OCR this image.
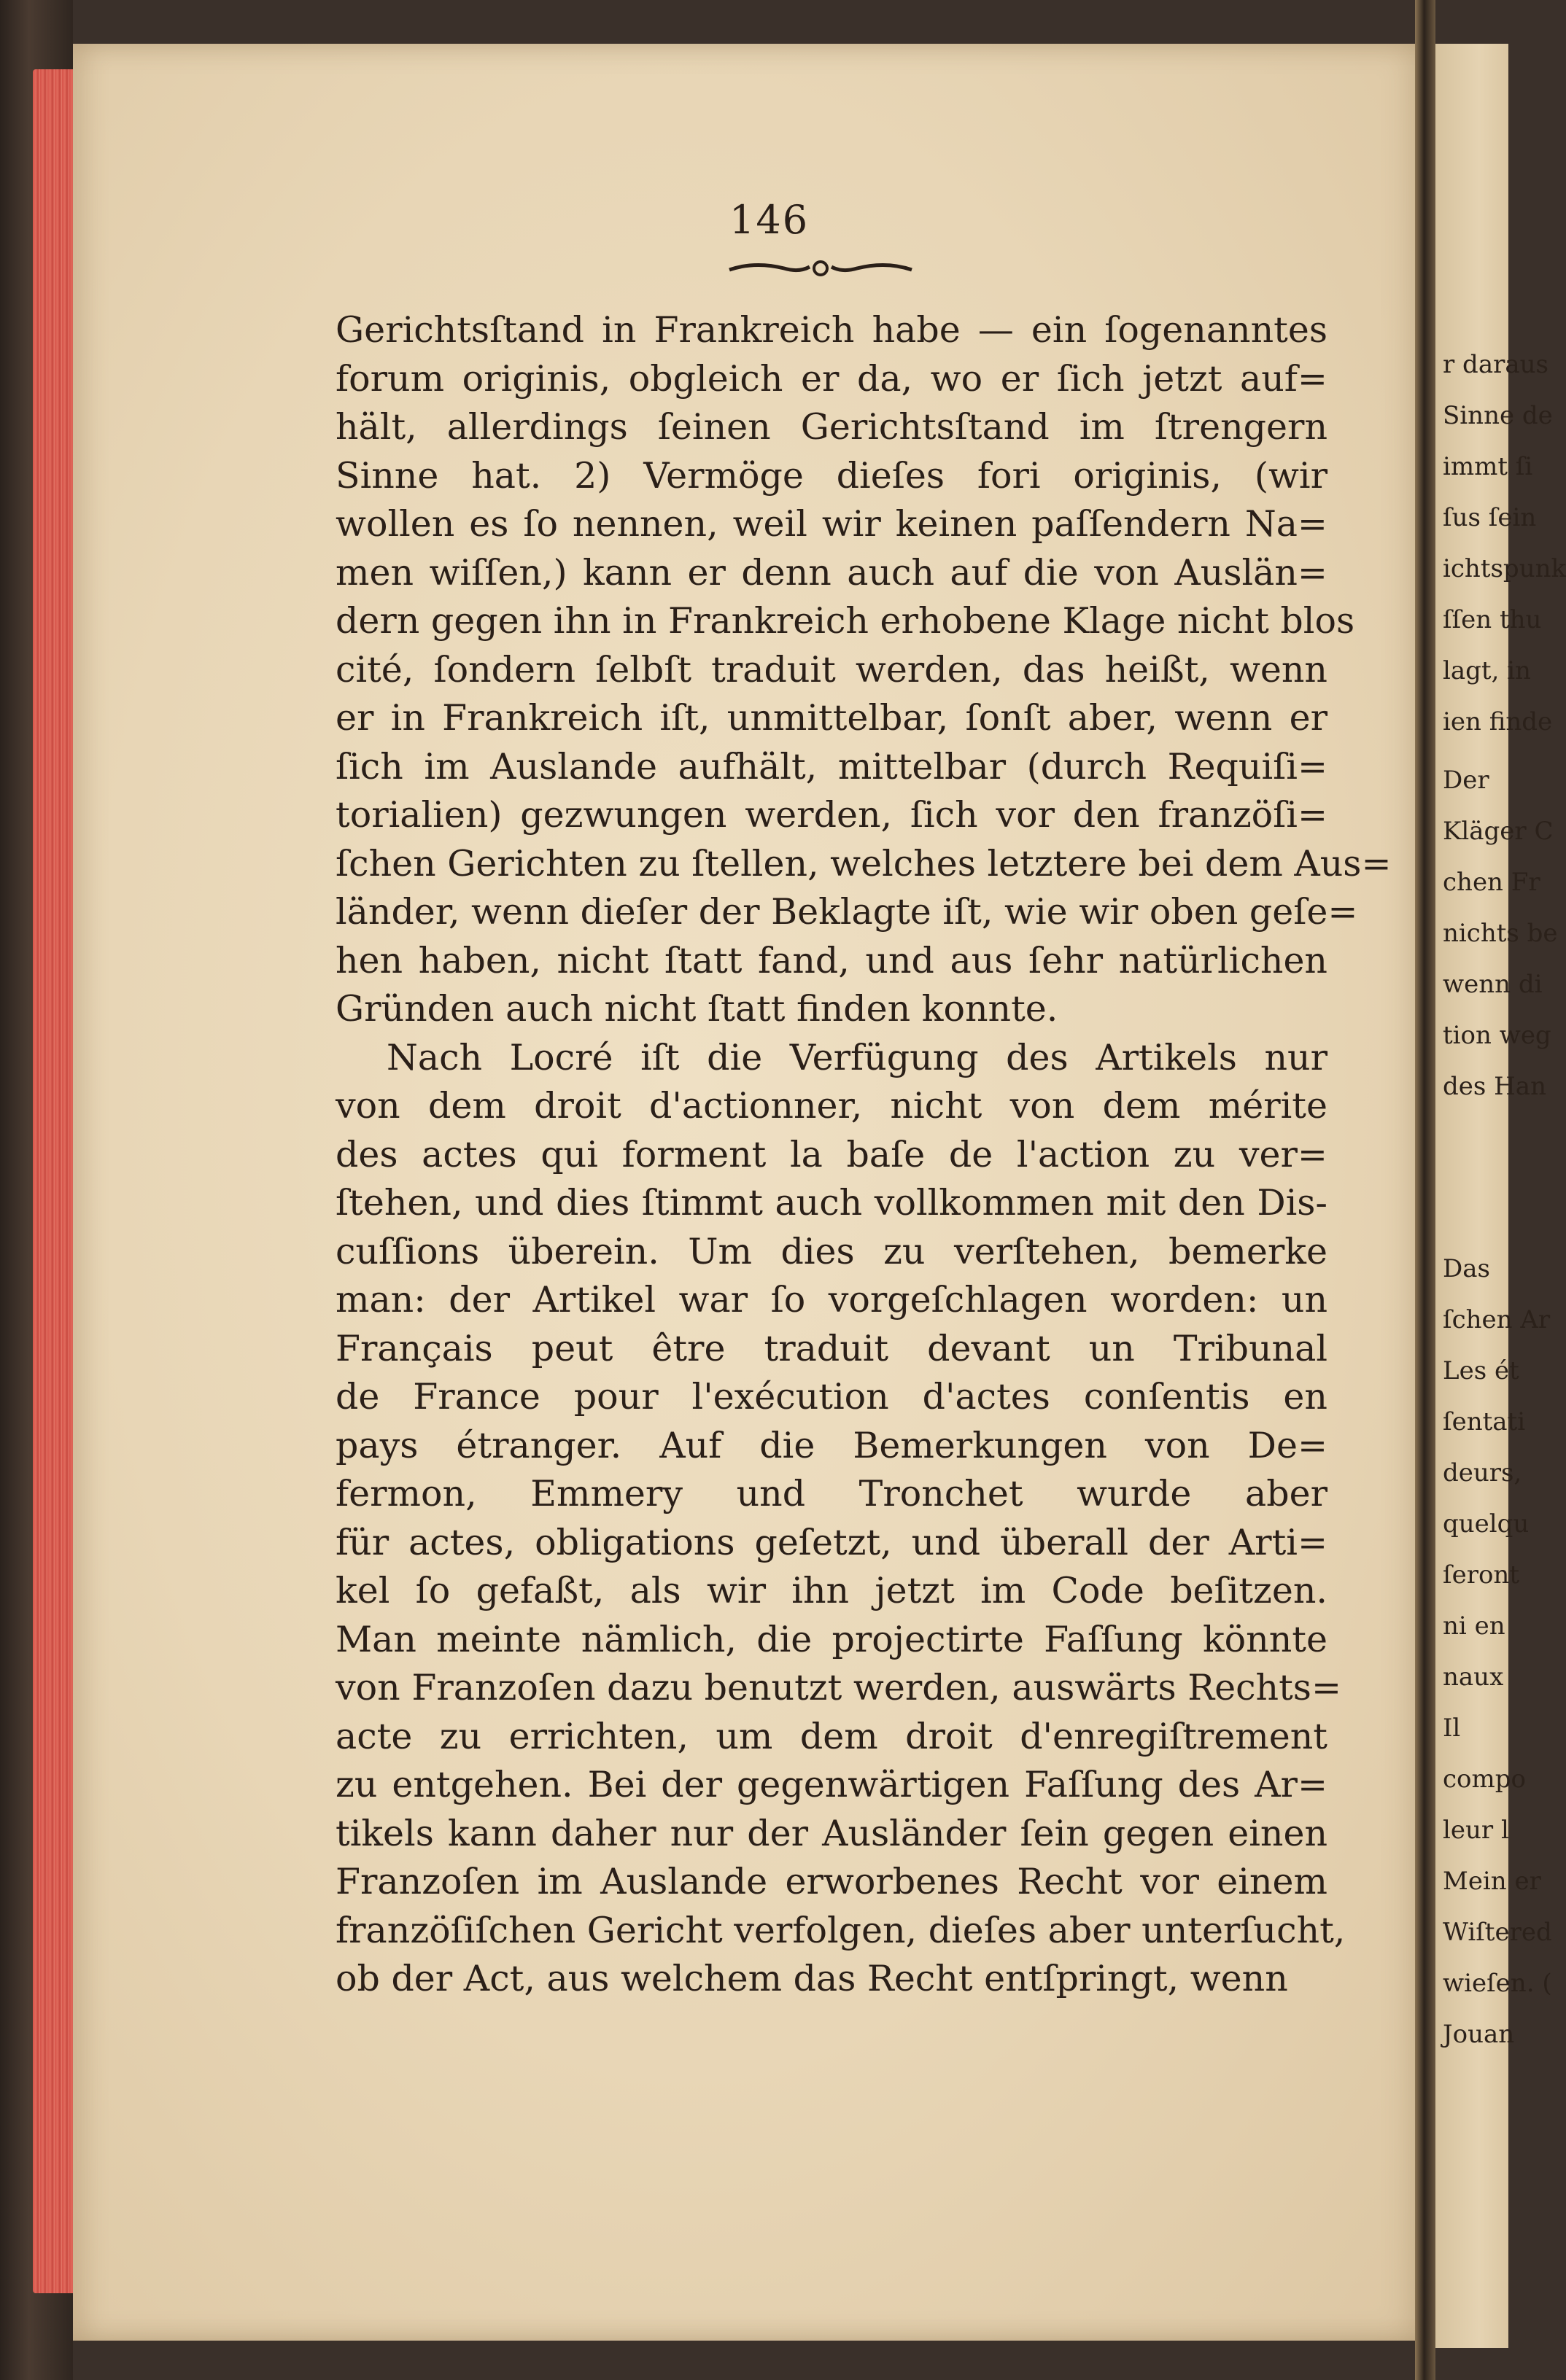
146
Gerichtsſtand in Frankreich habe — ein ſogenanntes
forum originis, obgleich er da, wo er ſich jetzt auf=
hält, allerdings ſeinen Gerichtsſtand im ſtrengern
Sinne hat. 2) Vermöge dieſes fori originis, (wir
wollen es ſo nennen, weil wir keinen paſſendern Na=
men wiſſen,) kann er denn auch auf die von Auslän=
dern gegen ihn in Frankreich erhobene Klage nicht blos
cité, ſondern ſelbſt traduit werden, das heißt, wenn
er in Frankreich iſt, unmittelbar, ſonſt aber, wenn er
ſich im Auslande aufhält, mittelbar (durch Requiſi=
torialien) gezwungen werden, ſich vor den franzöſi=
ſchen Gerichten zu ſtellen, welches letztere bei dem Aus=
länder, wenn dieſer der Beklagte iſt, wie wir oben geſe=
hen haben, nicht ſtatt fand, und aus ſehr natürlichen
Gründen auch nicht ſtatt finden konnte.
Nach Locré iſt die Verfügung des Artikels nur
von dem droit d'actionner, nicht von dem mérite
des actes qui forment la baſe de l'action zu ver=
ſtehen, und dies ſtimmt auch vollkommen mit den Dis-
cuſſions überein. Um dies zu verſtehen, bemerke
man: der Artikel war ſo vorgeſchlagen worden: un
Français peut être traduit devant un Tribunal
de France pour l'exécution d'actes conſentis en
pays étranger. Auf die Bemerkungen von De=
fermon, Emmery und Tronchet wurde aber
für actes, obligations geſetzt, und überall der Arti=
kel ſo gefaßt, als wir ihn jetzt im Code beſitzen.
Man meinte nämlich, die projectirte Faſſung könnte
von Franzoſen dazu benutzt werden, auswärts Rechts=
acte zu errichten, um dem droit d'enregiſtrement
zu entgehen. Bei der gegenwärtigen Faſſung des Ar=
tikels kann daher nur der Ausländer ſein gegen einen
Franzoſen im Auslande erworbenes Recht vor einem
franzöſiſchen Gericht verfolgen, dieſes aber unterſucht,
ob der Act, aus welchem das Recht entſpringt, wenn
r daraus
Sinne de
immt ſi
ſus ſein
ichtspunk
ſſen thu
lagt, in
ien finde
Der
Kläger C
chen Fr
nichts be
wenn di
tion weg
des Han
Das
ſchen Ar
Les ét
ſentati
deurs,
quelqu
ſeront
ni en
naux
Il
compo
leur l
Mein er
Wiſtered
wieſen. (
Jouan
